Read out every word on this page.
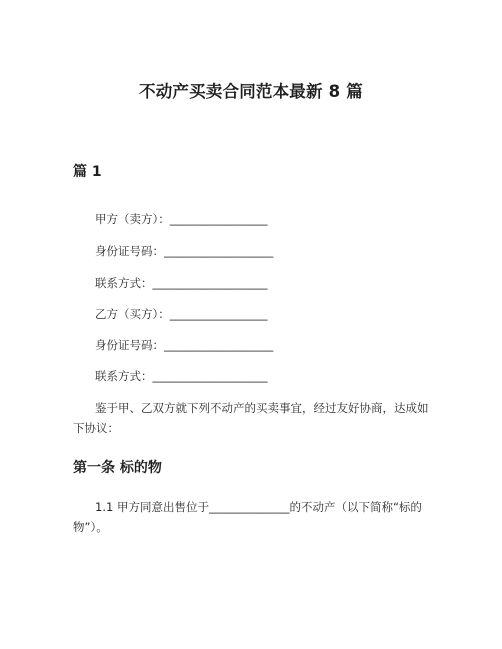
不动产买卖合同范本最新 8 篇
篇 1
甲方（卖方）：_________________
身份证号码：___________________
联系方式：____________________
乙方（买方）：_________________
身份证号码：___________________
联系方式：____________________
鉴于甲、乙双方就下列不动产的买卖事宜，经过友好协商，达成如下协议：
第一条 标的物
1.1 甲方同意出售位于______________的不动产（以下简称“标的物”）。
